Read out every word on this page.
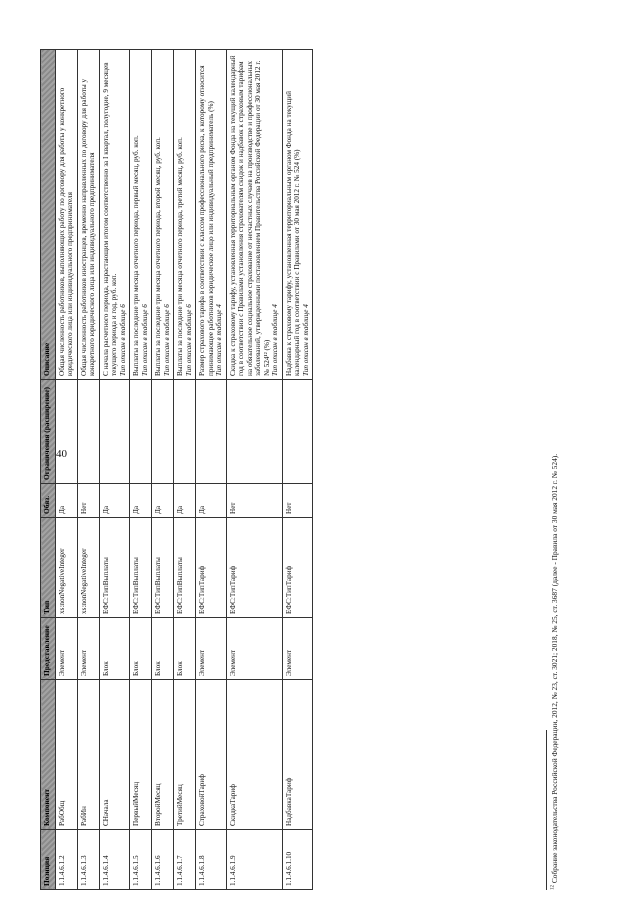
40
Позиция	Компонент	Представление	Тип	Обяз.	Ограничения (расширение)	Описание
1.1.4.6.1.2	РабОбщ	Элемент	xs:nonNegativeInteger	Да		Общая численность работников, выполняющих работу по договору для работы у конкретного юридического лица или индивидуального предпринимателя

1.1.4.6.1.3	РабИн	Элемент	xs:nonNegativeInteger	Нет		Общая численность работников иностранцев, временно направленных по договору для работы у конкретного юридического лица или индивидуального предпринимателя

1.1.4.6.1.4	СНачала	Блок	ЕФС:ТипВыплаты	Да		С начала расчетного периода, нарастающим итогом соответственно за I квартал, полугодие, 9 месяцев текущего периода и год, руб. коп. Тип описан в таблице 6

1.1.4.6.1.5	ПервыйМесяц	Блок	ЕФС:ТипВыплаты	Да		Выплаты за последние три месяца отчетного периода, первый месяц, руб. коп. Тип описан в таблице 6

1.1.4.6.1.6	ВторойМесяц	Блок	ЕФС:ТипВыплаты	Да		Выплаты за последние три месяца отчетного периода, второй месяц, руб. коп. Тип описан в таблице 6

1.1.4.6.1.7	ТретийМесяц	Блок	ЕФС:ТипВыплаты	Да		Выплаты за последние три месяца отчетного периода, третий месяц, руб. коп. Тип описан в таблице 6

1.1.4.6.1.8	СтраховойТариф	Элемент	ЕФС:ТипТариф	Да		Размер страхового тарифа в соответствии с классом профессионального риска, к которому относится принимающее работников юридическое лицо или индивидуальный предприниматель (%) Тип описан в таблице 4

1.1.4.6.1.9	СкидкаТариф	Элемент	ЕФС:ТипТариф	Нет		Скидка к страховому тарифу, установленная территориальным органом Фонда на текущий календарный год в соответствии с Правилами установления страхователям скидок и надбавок к страховым тарифам на обязательное социальное страхование от несчастных случаев на производстве и профессиональных заболеваний, утвержденными постановлением Правительства Российской Федерации от 30 мая 2012 г. № 524¹² (%) Тип описан в таблице 4

1.1.4.6.1.10	НадбавкаТариф	Элемент	ЕФС:ТипТариф	Нет		Надбавка к страховому тарифу, установленная территориальным органом Фонда на текущий календарный год в соответствии с Правилами от 30 мая 2012 г. № 524 (%) Тип описан в таблице 4

$^{12}$ Собрание законодательства Российской Федерации, 2012, № 23, ст. 3021; 2018, № 25, ст. 3687 (далее - Правила от 30 мая 2012 г. № 524).
